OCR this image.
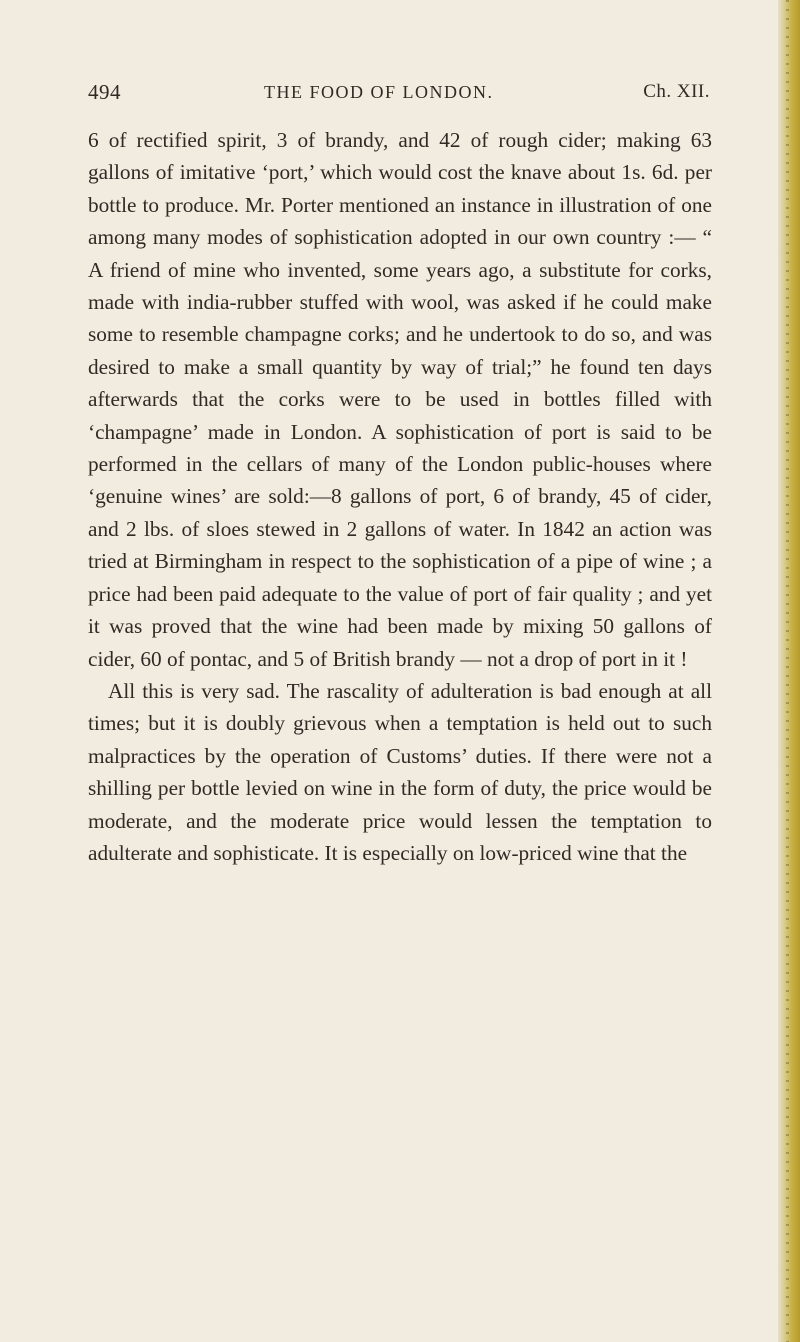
494	THE FOOD OF LONDON.	Ch. XII.

6 of rectified spirit, 3 of brandy, and 42 of rough cider; making 63 gallons of imitative ‘port,’ which would cost the knave about 1s. 6d. per bottle to produce. Mr. Porter mentioned an instance in illustration of one among many modes of sophistication adopted in our own country :— “ A friend of mine who invented, some years ago, a substitute for corks, made with india-rubber stuffed with wool, was asked if he could make some to resemble champagne corks; and he undertook to do so, and was desired to make a small quantity by way of trial;” he found ten days afterwards that the corks were to be used in bottles filled with ‘champagne’ made in London. A sophistication of port is said to be performed in the cellars of many of the London public-houses where ‘genuine wines’ are sold:—8 gallons of port, 6 of brandy, 45 of cider, and 2 lbs. of sloes stewed in 2 gallons of water. In 1842 an action was tried at Birmingham in respect to the sophistication of a pipe of wine ; a price had been paid adequate to the value of port of fair quality ; and yet it was proved that the wine had been made by mixing 50 gallons of cider, 60 of pontac, and 5 of British brandy — not a drop of port in it !

All this is very sad. The rascality of adulteration is bad enough at all times; but it is doubly grievous when a temptation is held out to such malpractices by the operation of Customs’ duties. If there were not a shilling per bottle levied on wine in the form of duty, the price would be moderate, and the moderate price would lessen the temptation to adulterate and sophisticate. It is especially on low-priced wine that the
